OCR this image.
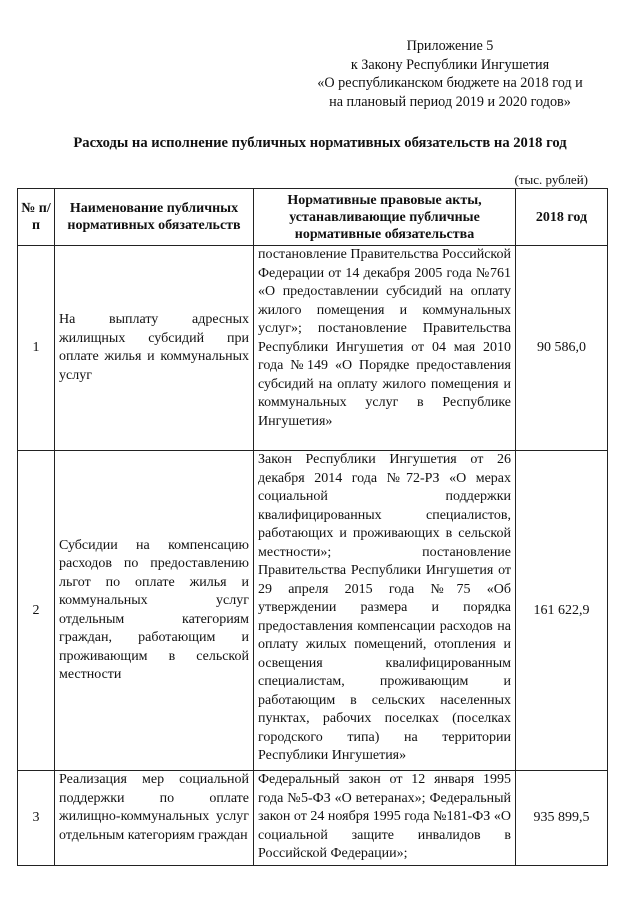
Приложение 5
к Закону Республики Ингушетия
«О республиканском бюджете на 2018 год и
на плановый период 2019 и 2020 годов»
Расходы на исполнение публичных нормативных обязательств на 2018 год
(тыс. рублей)
№ п/п	Наименование публичных нормативных обязательств	Нормативные правовые акты, устанавливающие публичные нормативные обязательства	2018 год
1	На выплату адресных жилищных субсидий при оплате жилья и коммунальных услуг	постановление Правительства Российской Федерации от 14 декабря 2005 года №761 «О предоставлении субсидий на оплату жилого помещения и коммунальных услуг»; постановление Правительства Республики Ингушетия от 04 мая 2010 года №149 «О Порядке предоставления субсидий на оплату жилого помещения и коммунальных услуг в Республике Ингушетия»	90 586,0
2	Субсидии на компенсацию расходов по предоставлению льгот по оплате жилья и коммунальных услуг отдельным категориям граждан, работающим и проживающим в сельской местности	Закон Республики Ингушетия от 26 декабря 2014 года №72-РЗ «О мерах социальной поддержки квалифицированных специалистов, работающих и проживающих в сельской местности»; постановление Правительства Республики Ингушетия от 29 апреля 2015 года №75 «Об утверждении размера и порядка предоставления компенсации расходов на оплату жилых помещений, отопления и освещения квалифицированным специалистам, проживающим и работающим в сельских населенных пунктах, рабочих поселках (поселках городского типа) на территории Республики Ингушетия»	161 622,9
3	Реализация мер социальной поддержки по оплате жилищно-коммунальных услуг отдельным категориям граждан	Федеральный закон от 12 января 1995 года №5-ФЗ «О ветеранах»; Федеральный закон от 24 ноября 1995 года №181-ФЗ «О социальной защите инвалидов в Российской Федерации»;	935 899,5
